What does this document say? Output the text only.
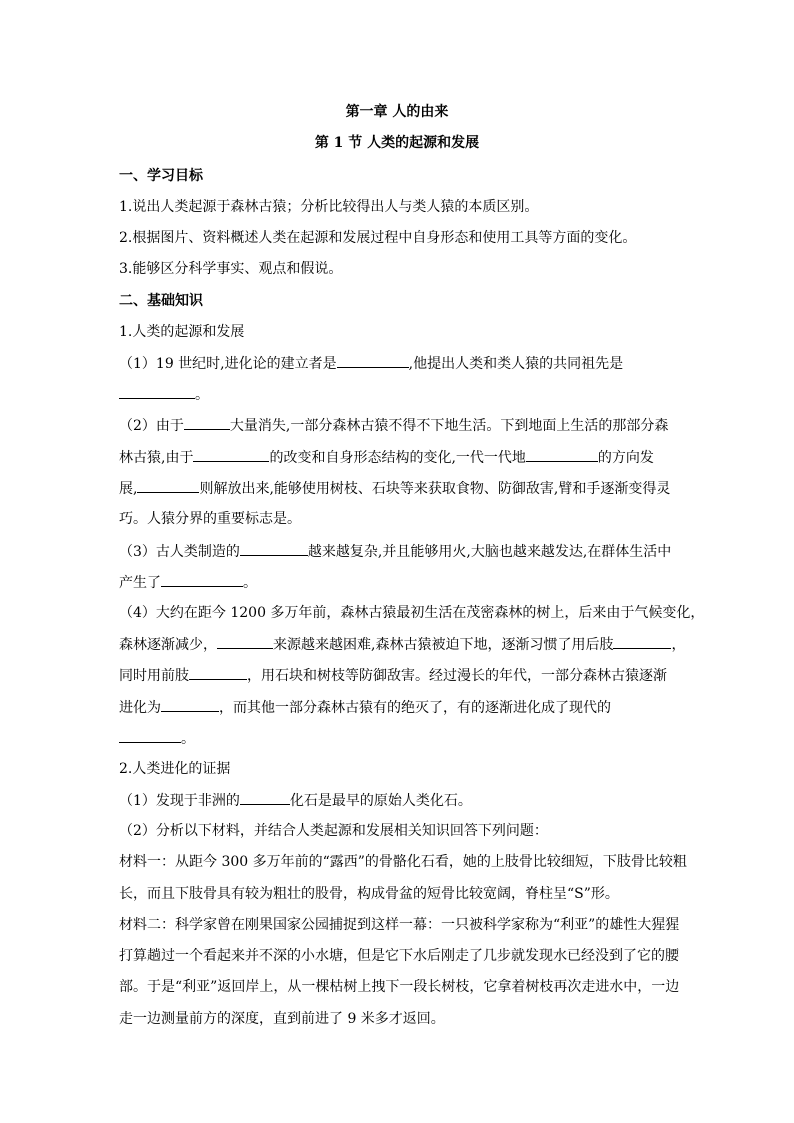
第一章 人的由来
第 1 节 人类的起源和发展
一、学习目标
1.说出人类起源于森林古猿；分析比较得出人与类人猿的本质区别。
2.根据图片、资料概述人类在起源和发展过程中自身形态和使用工具等方面的变化。
3.能够区分科学事实、观点和假说。
二、基础知识
1.人类的起源和发展
（1）19 世纪时,进化论的建立者是	,他提出人类和类人猿的共同祖先是
。
（2）由于	大量消失,一部分森林古猿不得不下地生活。下到地面上生活的那部分森
林古猿,由于	的改变和自身形态结构的变化,一代一代地	的方向发
展,	则解放出来,能够使用树枝、石块等来获取食物、防御敌害,臂和手逐渐变得灵
巧。人猿分界的重要标志是。
（3）古人类制造的	越来越复杂,并且能够用火,大脑也越来越发达,在群体生活中
产生了	。
（4）大约在距今 1200 多万年前，森林古猿最初生活在茂密森林的树上，后来由于气候变化，
森林逐渐减少，	来源越来越困难,森林古猿被迫下地，逐渐习惯了用后肢	，
同时用前肢	，用石块和树枝等防御敌害。经过漫长的年代，一部分森林古猿逐渐
进化为	，而其他一部分森林古猿有的绝灭了，有的逐渐进化成了现代的
。
2.人类进化的证据
（1）发现于非洲的	化石是最早的原始人类化石。
（2）分析以下材料，并结合人类起源和发展相关知识回答下列问题：
材料一：从距今 300 多万年前的“露西”的骨骼化石看，她的上肢骨比较细短，下肢骨比较粗
长，而且下肢骨具有较为粗壮的股骨，构成骨盆的短骨比较宽阔，脊柱呈“S”形。
材料二：科学家曾在刚果国家公园捕捉到这样一幕：一只被科学家称为“利亚”的雄性大猩猩
打算趟过一个看起来并不深的小水塘，但是它下水后刚走了几步就发现水已经没到了它的腰
部。于是“利亚”返回岸上，从一棵枯树上拽下一段长树枝，它拿着树枝再次走进水中，一边
走一边测量前方的深度，直到前进了 9 米多才返回。
